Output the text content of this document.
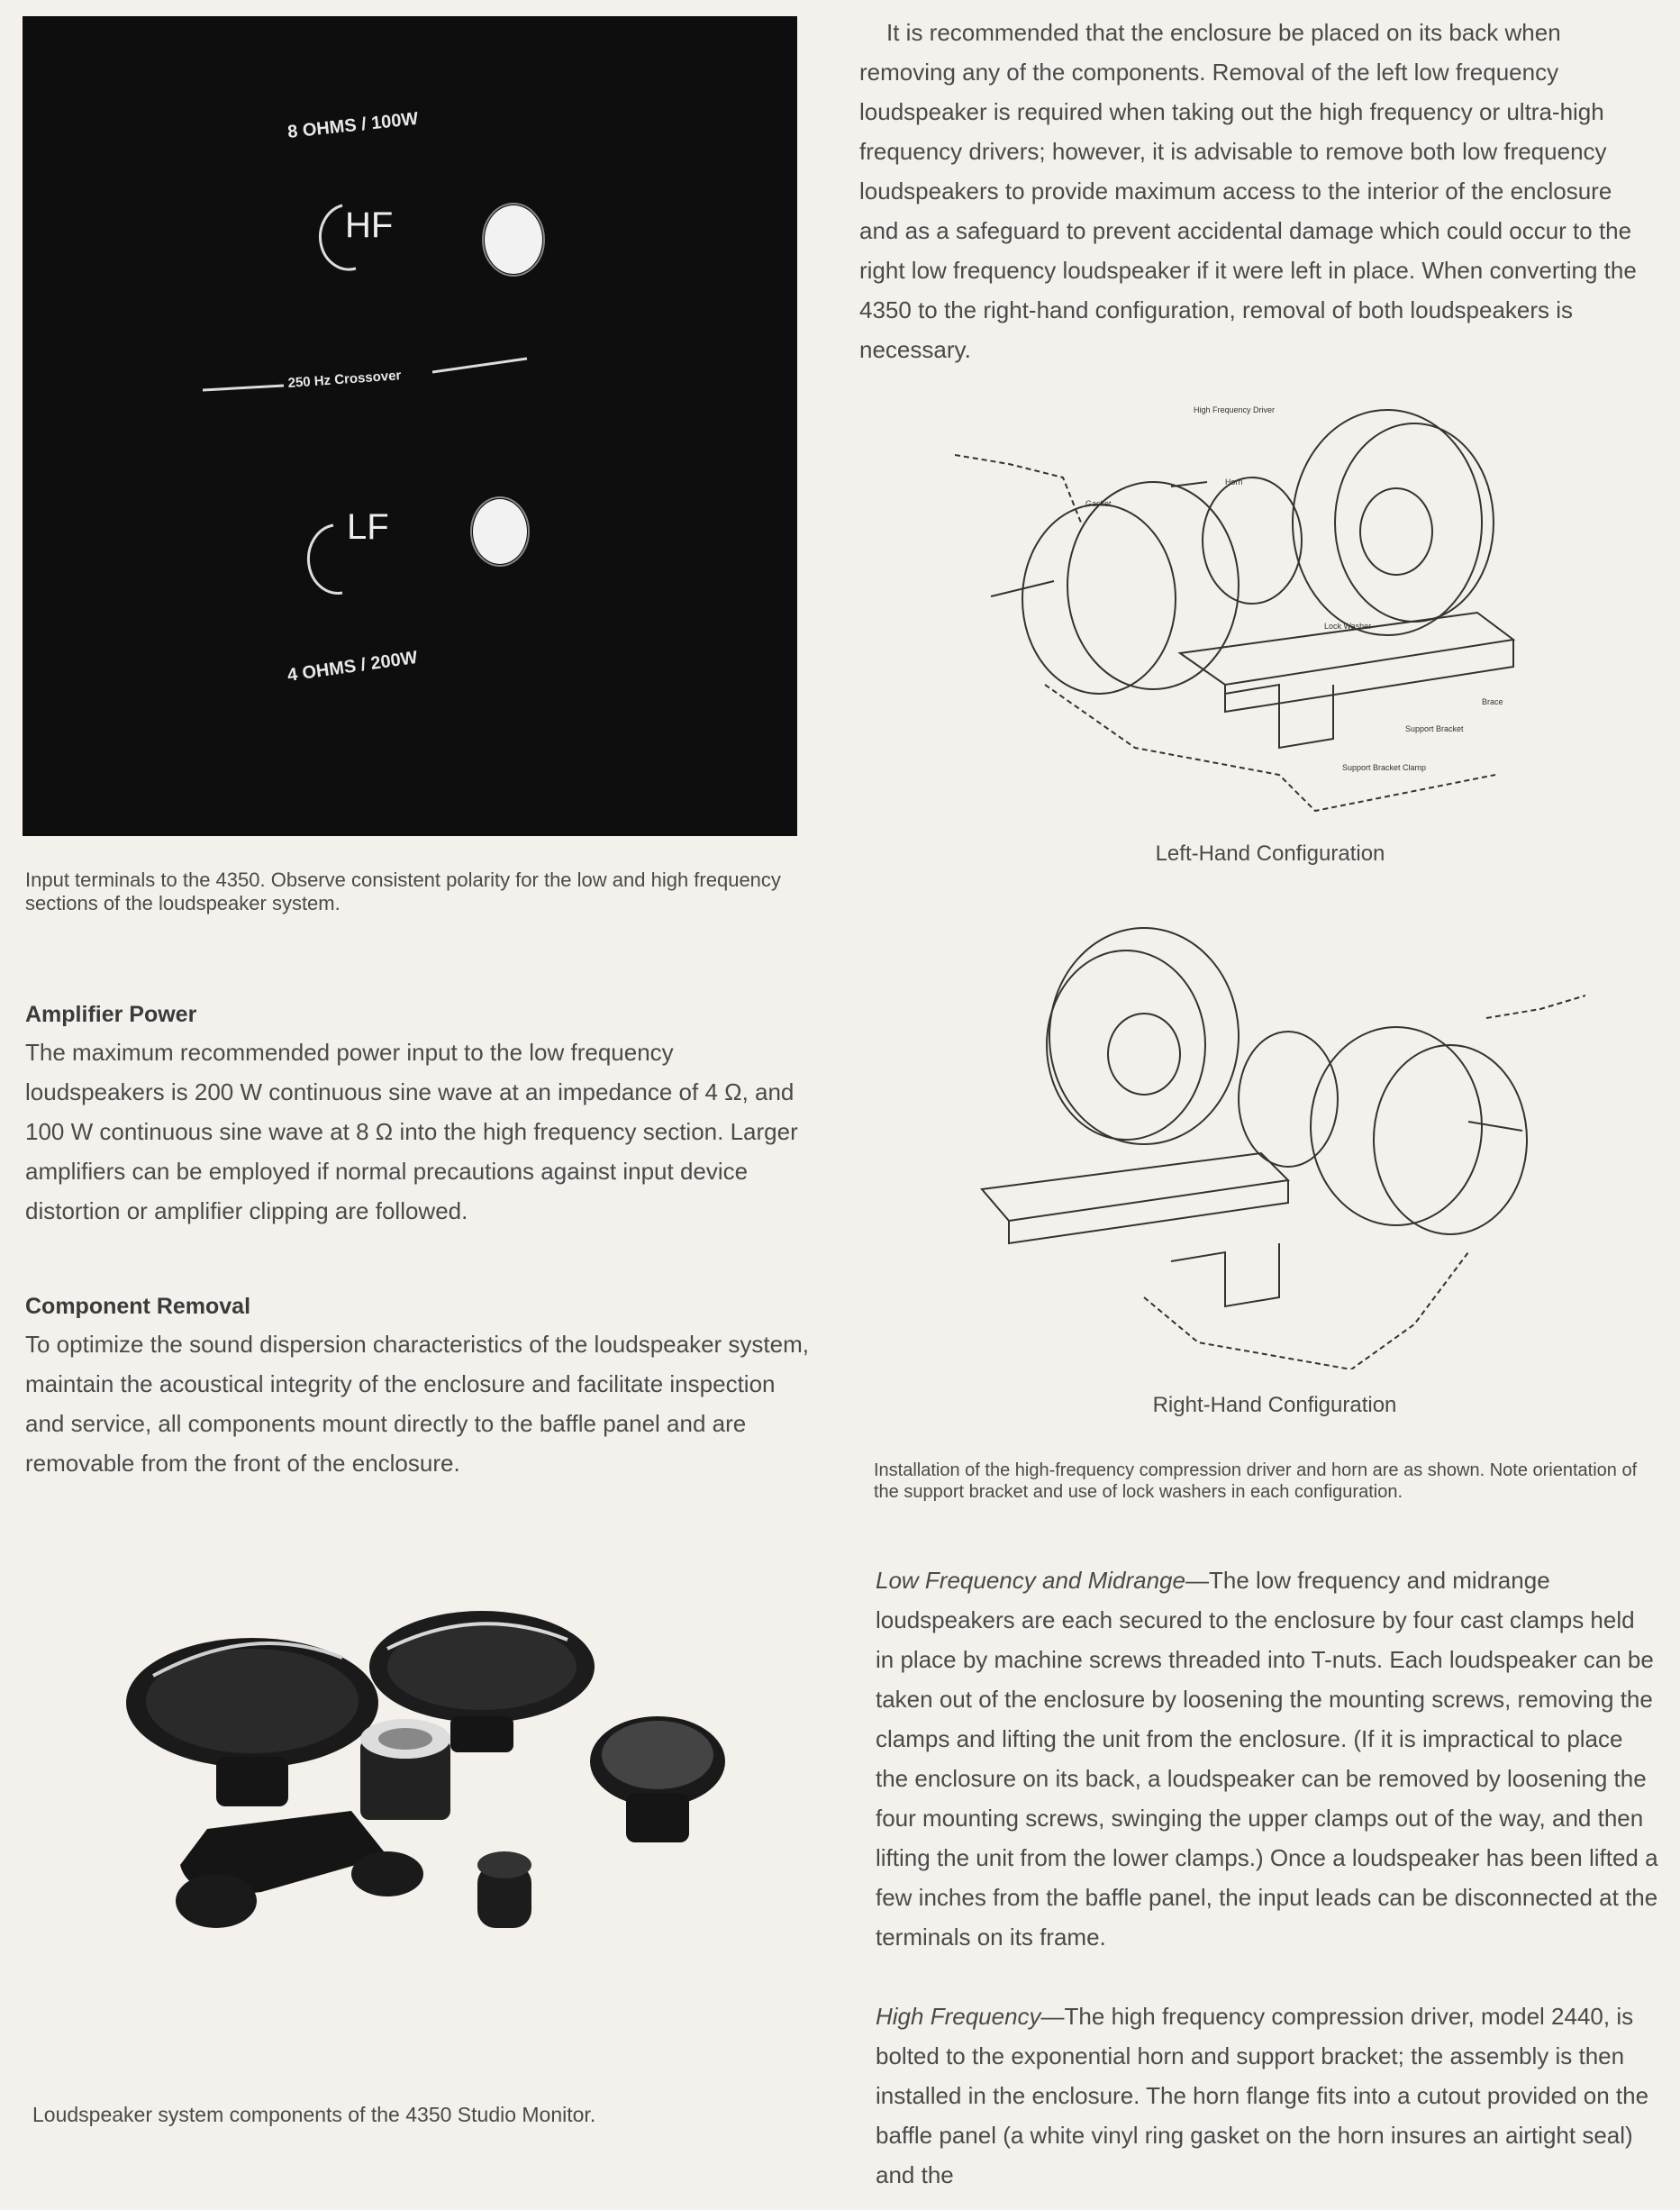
8 OHMS / 100W
HF
250 Hz Crossover
LF
4 OHMS / 200W
Input terminals to the 4350. Observe consistent polarity for the low and high frequency sections of the loudspeaker system.
Amplifier Power

The maximum recommended power input to the low frequency loudspeakers is 200 W continuous sine wave at an impedance of 4 Ω, and 100 W continuous sine wave at 8 Ω into the high frequency section. Larger amplifiers can be employed if normal precautions against input device distortion or amplifier clipping are followed.

Component Removal

To optimize the sound dispersion characteristics of the loudspeaker system, maintain the acoustical integrity of the enclosure and facilitate inspection and service, all components mount directly to the baffle panel and are removable from the front of the enclosure.

Loudspeaker system components of the 4350 Studio Monitor.
It is recommended that the enclosure be placed on its back when removing any of the components. Removal of the left low frequency loudspeaker is required when taking out the high frequency or ultra-high frequency drivers; however, it is advisable to remove both low frequency loudspeakers to provide maximum access to the interior of the enclosure and as a safeguard to prevent accidental damage which could occur to the right low frequency loudspeaker if it were left in place. When converting the 4350 to the right-hand configuration, removal of both loudspeakers is necessary.
High Frequency Driver
Horn
Gasket
Lock Washer
Brace
Support Bracket
Support Bracket Clamp
Left-Hand Configuration
Right-Hand Configuration
Installation of the high-frequency compression driver and horn are as shown. Note orientation of the support bracket and use of lock washers in each configuration.
Low Frequency and Midrange—The low frequency and midrange loudspeakers are each secured to the enclosure by four cast clamps held in place by machine screws threaded into T-nuts. Each loudspeaker can be taken out of the enclosure by loosening the mounting screws, removing the clamps and lifting the unit from the enclosure. (If it is impractical to place the enclosure on its back, a loudspeaker can be removed by loosening the four mounting screws, swinging the upper clamps out of the way, and then lifting the unit from the lower clamps.) Once a loudspeaker has been lifted a few inches from the baffle panel, the input leads can be disconnected at the terminals on its frame.
High Frequency—The high frequency compression driver, model 2440, is bolted to the exponential horn and support bracket; the assembly is then installed in the enclosure. The horn flange fits into a cutout provided on the baffle panel (a white vinyl ring gasket on the horn insures an airtight seal) and the
